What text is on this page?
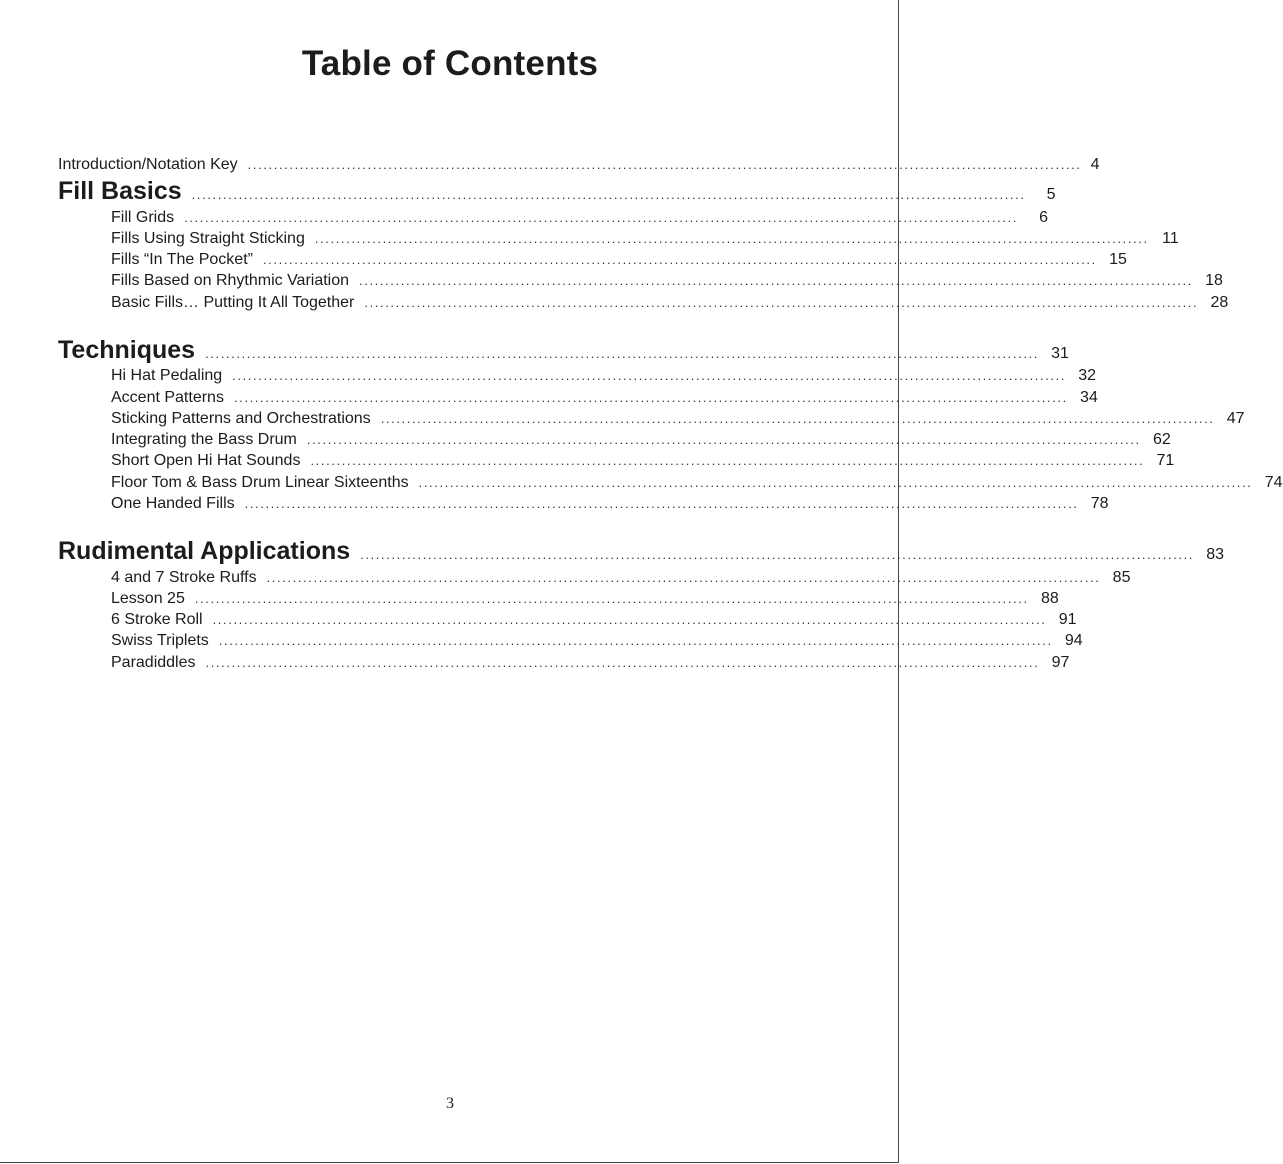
Table of Contents
Introduction/Notation Key ................................................................................................................................................................ 4
Fill Basics ................................................................................................................................................................	5
Fill Grids ................................................................................................................................................................	6
Fills Using Straight Sticking ................................................................................................................................................................ 11
Fills “In The Pocket” ................................................................................................................................................................ 15
Fills Based on Rhythmic Variation ................................................................................................................................................................ 18
Basic Fills… Putting It All Together ................................................................................................................................................................ 28
Techniques ................................................................................................................................................................ 31
Hi Hat Pedaling ................................................................................................................................................................ 32
Accent Patterns ................................................................................................................................................................ 34
Sticking Patterns and Orchestrations ................................................................................................................................................................ 47
Integrating the Bass Drum ................................................................................................................................................................ 62
Short Open Hi Hat Sounds ................................................................................................................................................................ 71
Floor Tom & Bass Drum Linear Sixteenths ................................................................................................................................................................ 74
One Handed Fills ................................................................................................................................................................ 78
Rudimental Applications ................................................................................................................................................................ 83
4 and 7 Stroke Ruffs ................................................................................................................................................................ 85
Lesson 25 ................................................................................................................................................................ 88
6 Stroke Roll ................................................................................................................................................................ 91
Swiss Triplets ................................................................................................................................................................ 94
Paradiddles ................................................................................................................................................................ 97
3
